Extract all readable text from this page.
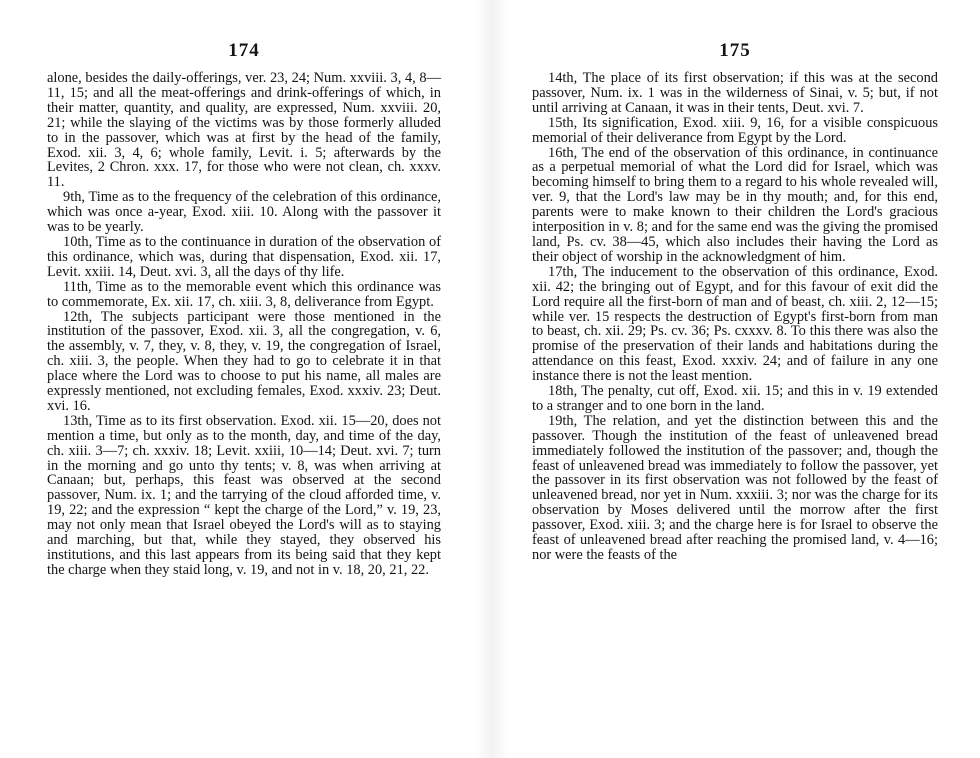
174

alone, besides the daily-offerings, ver. 23, 24; Num. xxviii. 3, 4, 8—11, 15; and all the meat-offerings and drink-offerings of which, in their matter, quantity, and quality, are expressed, Num. xxviii. 20, 21; while the slaying of the victims was by those formerly alluded to in the passover, which was at first by the head of the family, Exod. xii. 3, 4, 6; whole family, Levit. i. 5; afterwards by the Levites, 2 Chron. xxx. 17, for those who were not clean, ch. xxxv. 11.

9th, Time as to the frequency of the celebration of this ordinance, which was once a-year, Exod. xiii. 10. Along with the passover it was to be yearly.

10th, Time as to the continuance in duration of the observation of this ordinance, which was, during that dispensation, Exod. xii. 17, Levit. xxiii. 14, Deut. xvi. 3, all the days of thy life.

11th, Time as to the memorable event which this ordinance was to commemorate, Ex. xii. 17, ch. xiii. 3, 8, deliverance from Egypt.

12th, The subjects participant were those mentioned in the institution of the passover, Exod. xii. 3, all the congregation, v. 6, the assembly, v. 7, they, v. 8, they, v. 19, the congregation of Israel, ch. xiii. 3, the people. When they had to go to celebrate it in that place where the Lord was to choose to put his name, all males are expressly mentioned, not excluding females, Exod. xxxiv. 23; Deut. xvi. 16.

13th, Time as to its first observation. Exod. xii. 15—20, does not mention a time, but only as to the month, day, and time of the day, ch. xiii. 3—7; ch. xxxiv. 18; Levit. xxiii, 10—14; Deut. xvi. 7; turn in the morning and go unto thy tents; v. 8, was when arriving at Canaan; but, perhaps, this feast was observed at the second passover, Num. ix. 1; and the tarrying of the cloud afforded time, v. 19, 22; and the expression “ kept the charge of the Lord,” v. 19, 23, may not only mean that Israel obeyed the Lord's will as to staying and marching, but that, while they stayed, they observed his institutions, and this last appears from its being said that they kept the charge when they staid long, v. 19, and not in v. 18, 20, 21, 22.

175

14th, The place of its first observation; if this was at the second passover, Num. ix. 1 was in the wilderness of Sinai, v. 5; but, if not until arriving at Canaan, it was in their tents, Deut. xvi. 7.

15th, Its signification, Exod. xiii. 9, 16, for a visible conspicuous memorial of their deliverance from Egypt by the Lord.

16th, The end of the observation of this ordinance, in continuance as a perpetual memorial of what the Lord did for Israel, which was becoming himself to bring them to a regard to his whole revealed will, ver. 9, that the Lord's law may be in thy mouth; and, for this end, parents were to make known to their children the Lord's gracious interposition in v. 8; and for the same end was the giving the promised land, Ps. cv. 38—45, which also includes their having the Lord as their object of worship in the acknowledgment of him.

17th, The inducement to the observation of this ordinance, Exod. xii. 42; the bringing out of Egypt, and for this favour of exit did the Lord require all the first-born of man and of beast, ch. xiii. 2, 12—15; while ver. 15 respects the destruction of Egypt's first-born from man to beast, ch. xii. 29; Ps. cv. 36; Ps. cxxxv. 8. To this there was also the promise of the preservation of their lands and habitations during the attendance on this feast, Exod. xxxiv. 24; and of failure in any one instance there is not the least mention.

18th, The penalty, cut off, Exod. xii. 15; and this in v. 19 extended to a stranger and to one born in the land.

19th, The relation, and yet the distinction between this and the passover. Though the institution of the feast of unleavened bread immediately followed the institution of the passover; and, though the feast of unleavened bread was immediately to follow the passover, yet the passover in its first observation was not followed by the feast of unleavened bread, nor yet in Num. xxxiii. 3; nor was the charge for its observation by Moses delivered until the morrow after the first passover, Exod. xiii. 3; and the charge here is for Israel to observe the feast of unleavened bread after reaching the promised land, v. 4—16; nor were the feasts of the
